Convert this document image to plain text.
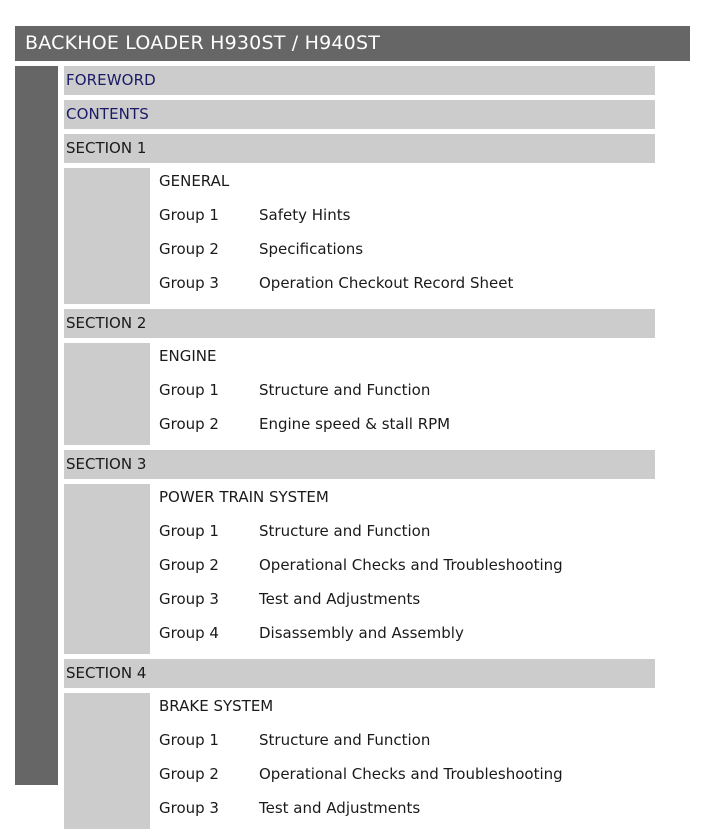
BACKHOE LOADER H930ST / H940ST
FOREWORD
CONTENTS
SECTION 1
GENERAL
Group 1	Safety Hints
Group 2	Specifications
Group 3	Operation Checkout Record Sheet
SECTION 2
ENGINE
Group 1	Structure and Function
Group 2	Engine speed & stall RPM
SECTION 3
POWER TRAIN SYSTEM
Group 1	Structure and Function
Group 2	Operational Checks and Troubleshooting
Group 3	Test and Adjustments
Group 4	Disassembly and Assembly
SECTION 4
BRAKE SYSTEM
Group 1	Structure and Function
Group 2	Operational Checks and Troubleshooting
Group 3	Test and Adjustments
